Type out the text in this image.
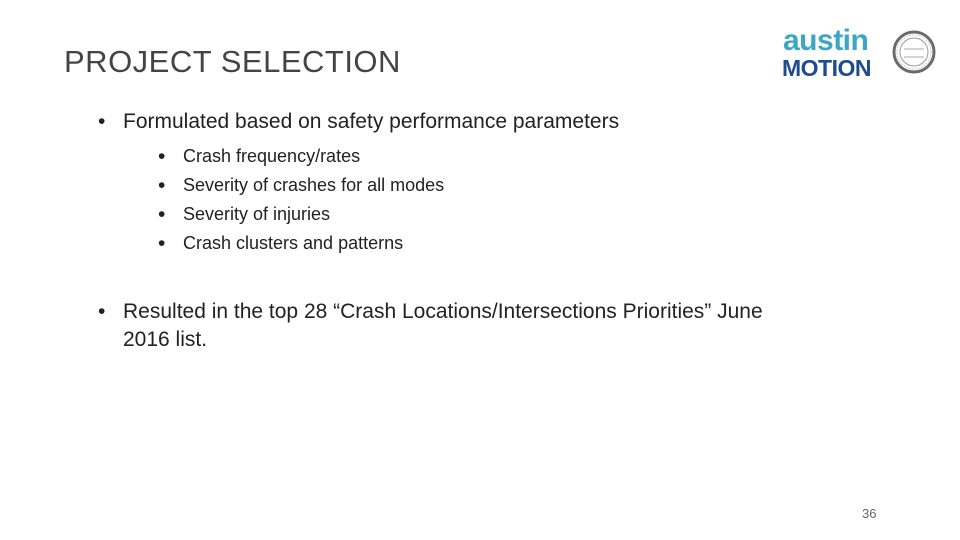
PROJECT SELECTION
austin
MOTION
• Formulated based on safety performance parameters
• Crash frequency/rates
• Severity of crashes for all modes
• Severity of injuries
• Crash clusters and patterns
• Resulted in the top 28 “Crash Locations/Intersections Priorities” June 2016 list.
36
